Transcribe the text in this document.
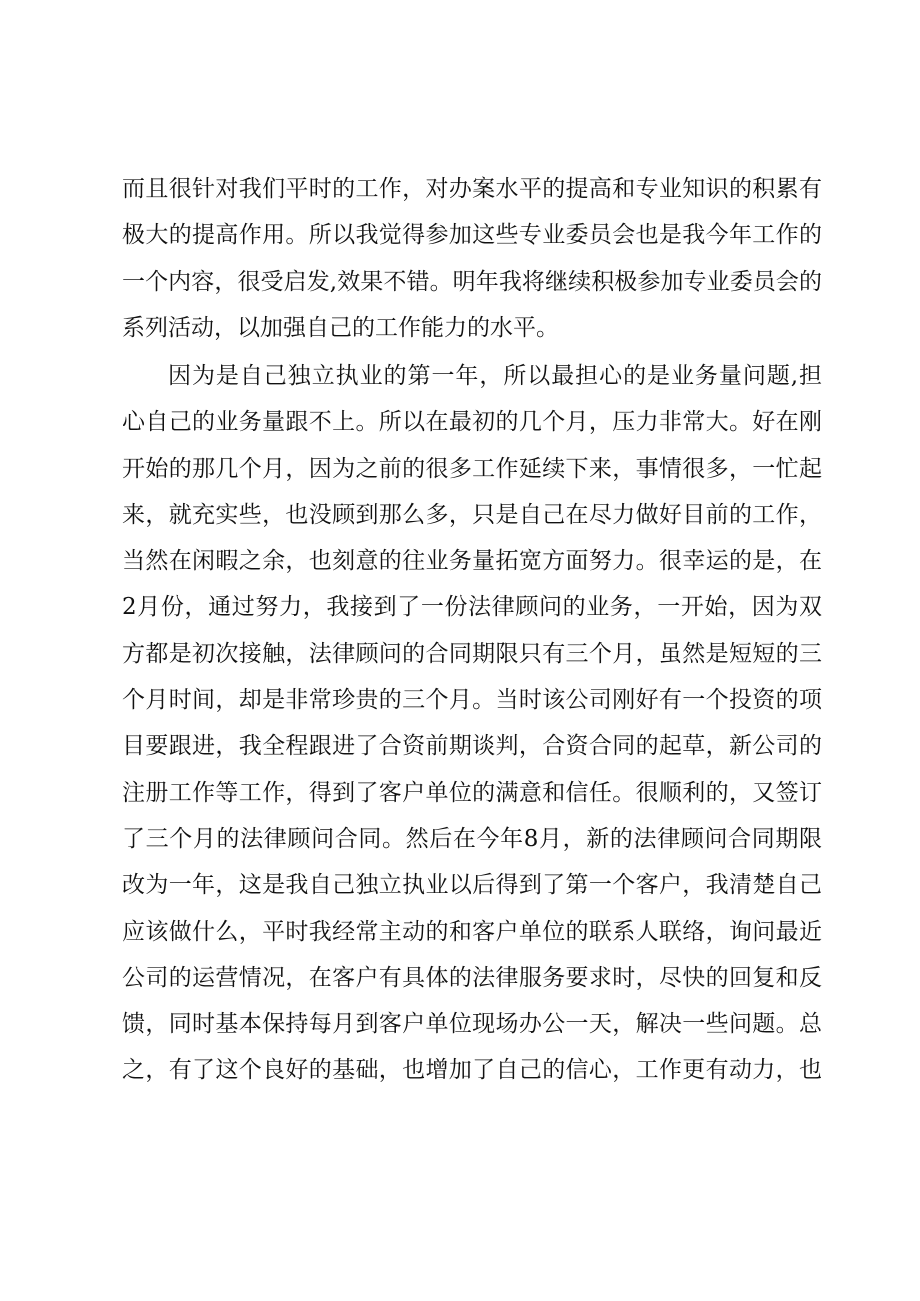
而且很针对我们平时的工作，对办案水平的提高和专业知识的积累有
极大的提高作用。所以我觉得参加这些专业委员会也是我今年工作的
一个内容，很受启发,效果不错。明年我将继续积极参加专业委员会的
系列活动，以加强自己的工作能力的水平。
因为是自己独立执业的第一年，所以最担心的是业务量问题,担
心自己的业务量跟不上。所以在最初的几个月，压力非常大。好在刚
开始的那几个月，因为之前的很多工作延续下来，事情很多，一忙起
来，就充实些，也没顾到那么多，只是自己在尽力做好目前的工作，
当然在闲暇之余，也刻意的往业务量拓宽方面努力。很幸运的是，在
2月份，通过努力，我接到了一份法律顾问的业务，一开始，因为双
方都是初次接触，法律顾问的合同期限只有三个月，虽然是短短的三
个月时间，却是非常珍贵的三个月。当时该公司刚好有一个投资的项
目要跟进，我全程跟进了合资前期谈判，合资合同的起草，新公司的
注册工作等工作，得到了客户单位的满意和信任。很顺利的，又签订
了三个月的法律顾问合同。然后在今年8月，新的法律顾问合同期限
改为一年，这是我自己独立执业以后得到了第一个客户，我清楚自己
应该做什么，平时我经常主动的和客户单位的联系人联络，询问最近
公司的运营情况，在客户有具体的法律服务要求时，尽快的回复和反
馈，同时基本保持每月到客户单位现场办公一天，解决一些问题。总
之，有了这个良好的基础，也增加了自己的信心，工作更有动力，也
